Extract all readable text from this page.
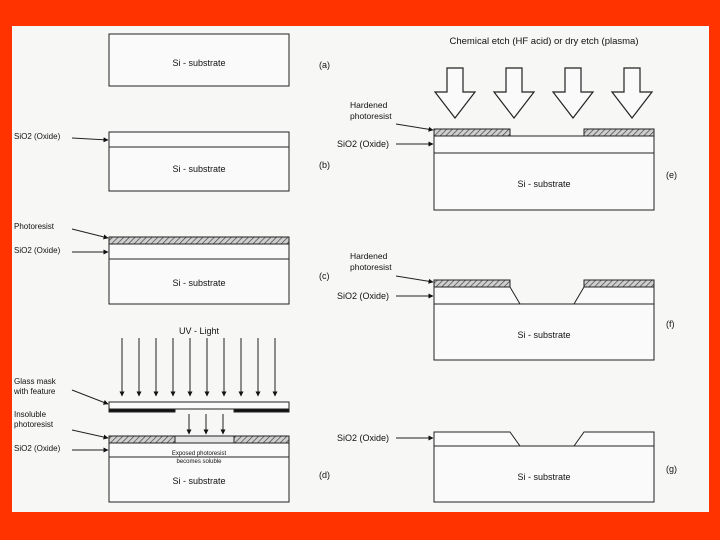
Si - substrate	(a)
SiO2 (Oxide)
Si - substrate	(b)
Photoresist
SiO2 (Oxide)
Si - substrate
(c)
UV - Light
Glass mask
with feature
Insoluble
photoresist
SiO2 (Oxide)
Exposed photoresist
becomes soluble
Si - substrate
(d)
Chemical etch (HF acid) or dry etch (plasma)
Hardened
photoresist
SiO2 (Oxide)
Si - substrate
(e)
Hardened
photoresist
SiO2 (Oxide)
Si - substrate
(f)
SiO2 (Oxide)
Si - substrate
(g)
